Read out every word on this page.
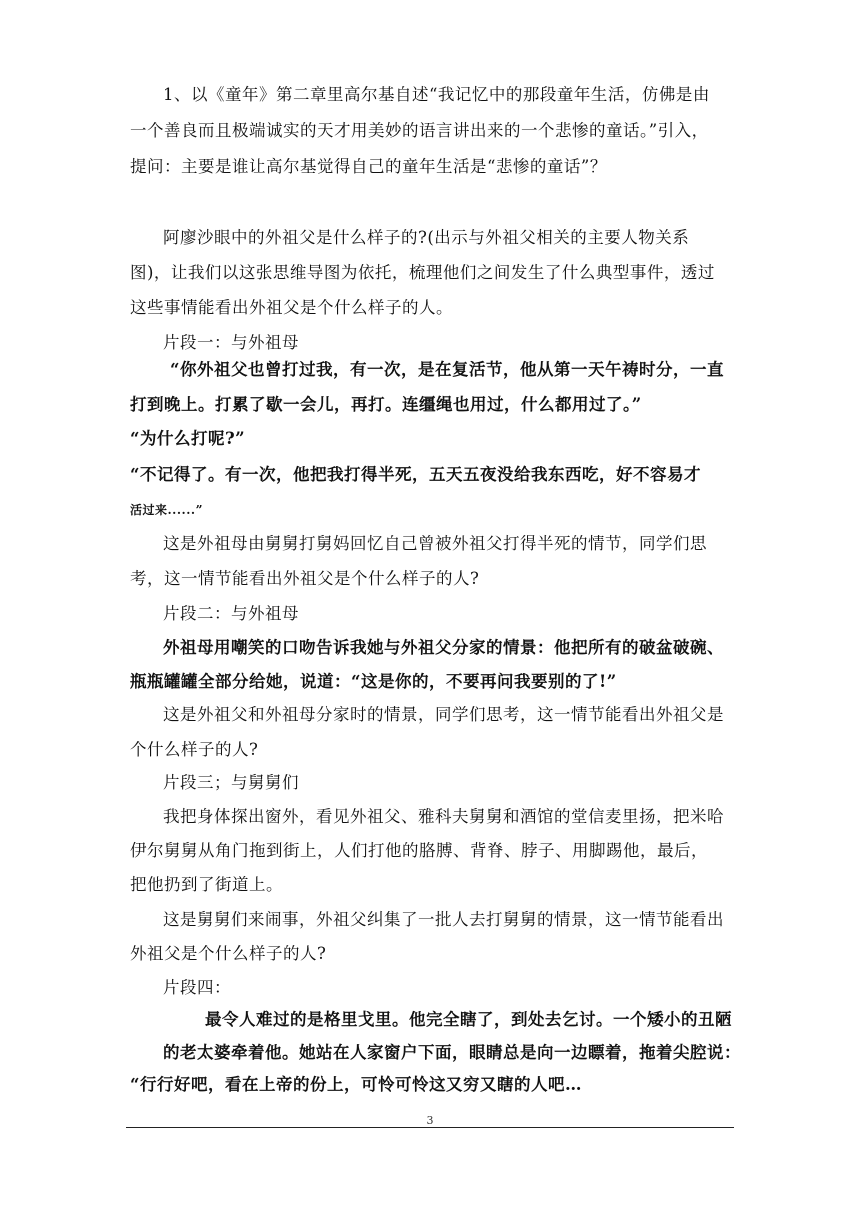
1、以《童年》第二章里高尔基自述“我记忆中的那段童年生活，仿佛是由
一个善良而且极端诚实的天才用美妙的语言讲出来的一个悲惨的童话。”引入，
提问：主要是谁让高尔基觉得自己的童年生活是“悲惨的童话”？
阿廖沙眼中的外祖父是什么样子的?(出示与外祖父相关的主要人物关系
图)，让我们以这张思维导图为依托，梳理他们之间发生了什么典型事件，透过
这些事情能看出外祖父是个什么样子的人。
片段一：与外祖母
“你外祖父也曾打过我，有一次，是在复活节，他从第一天午祷时分，一直
打到晚上。打累了歇一会儿，再打。连缰绳也用过，什么都用过了。”
“为什么打呢?”
“不记得了。有一次，他把我打得半死，五天五夜没给我东西吃，好不容易才
活过来......”
这是外祖母由舅舅打舅妈回忆自己曾被外祖父打得半死的情节，同学们思
考，这一情节能看出外祖父是个什么样子的人?
片段二：与外祖母
外祖母用嘲笑的口吻告诉我她与外祖父分家的情景：他把所有的破盆破碗、
瓶瓶罐罐全部分给她，说道：“这是你的，不要再问我要别的了!”
这是外祖父和外祖母分家时的情景，同学们思考，这一情节能看出外祖父是
个什么样子的人?
片段三；与舅舅们
我把身体探出窗外，看见外祖父、雅科夫舅舅和酒馆的堂信麦里扬，把米哈
伊尔舅舅从角门拖到街上，人们打他的胳膊、背脊、脖子、用脚踢他，最后，
把他扔到了街道上。
这是舅舅们来闹事，外祖父纠集了一批人去打舅舅的情景，这一情节能看出
外祖父是个什么样子的人?
片段四：
最令人难过的是格里戈里。他完全瞎了，到处去乞讨。一个矮小的丑陋
的老太婆牵着他。她站在人家窗户下面，眼睛总是向一边瞟着，拖着尖腔说：
“行行好吧，看在上帝的份上，可怜可怜这又穷又瞎的人吧…
3
